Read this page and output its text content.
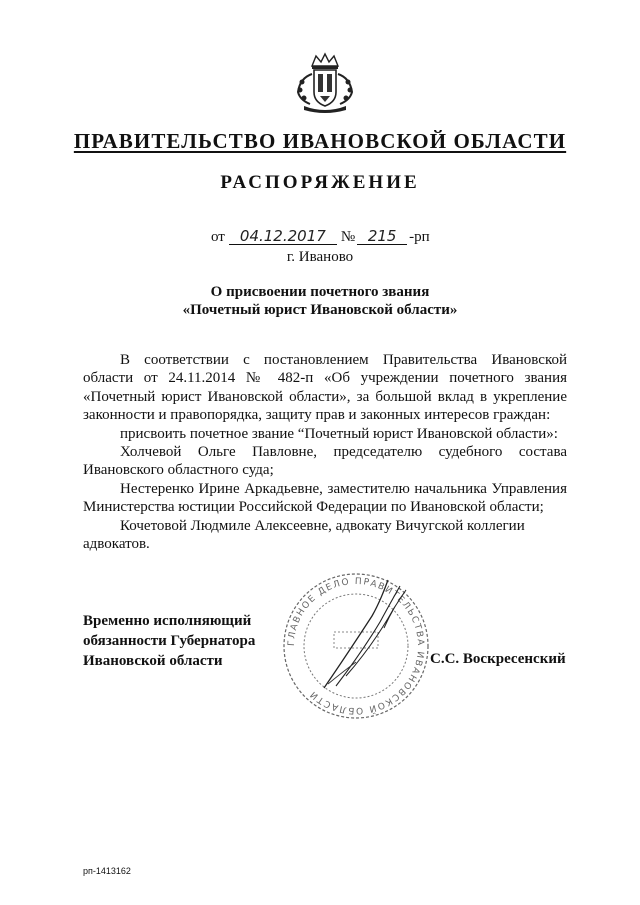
ПРАВИТЕЛЬСТВО ИВАНОВСКОЙ ОБЛАСТИ
РАСПОРЯЖЕНИЕ
от 04.12.2017 № 215 -рп
г. Иваново
О присвоении почетного звания
«Почетный юрист Ивановской области»

В соответствии с постановлением Правительства Ивановской области от 24.11.2014 № 482-п «Об учреждении почетного звания «Почетный юрист Ивановской области», за большой вклад в укрепление законности и правопорядка, защиту прав и законных интересов граждан:

присвоить почетное звание “Почетный юрист Ивановской области»:

Холчевой Ольге Павловне, председателю судебного состава Ивановского областного суда;

Нестеренко Ирине Аркадьевне, заместителю начальника Управления Министерства юстиции Российской Федерации по Ивановской области;

Кочетовой Людмиле Алексеевне, адвокату Вичугской коллегии адвокатов.

ГЛАВНОЕ ДЕЛО ПРАВИТЕЛЬСТВА ИВАНОВСКОЙ ОБЛАСТИ
Временно исполняющий
обязанности Губернатора
Ивановской области	С.С. Воскресенский
рп-1413162
